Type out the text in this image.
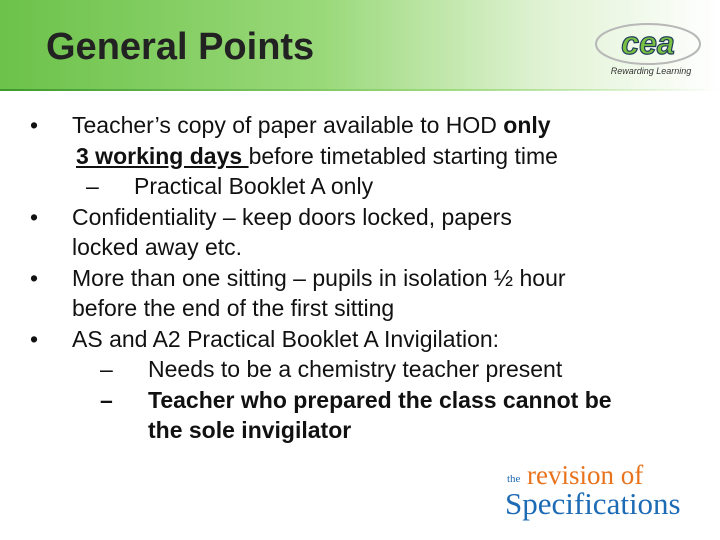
General Points	cea
Rewarding Learning
• Teacher’s copy of paper available to HOD only
3 working days before timetabled starting time
– Practical Booklet A only
• Confidentiality – keep doors locked, papers
locked away etc.
• More than one sitting – pupils in isolation ½ hour
before the end of the first sitting
• AS and A2 Practical Booklet A Invigilation:
– Needs to be a chemistry teacher present
– Teacher who prepared the class cannot be
the sole invigilator
the revision of
Specifications
